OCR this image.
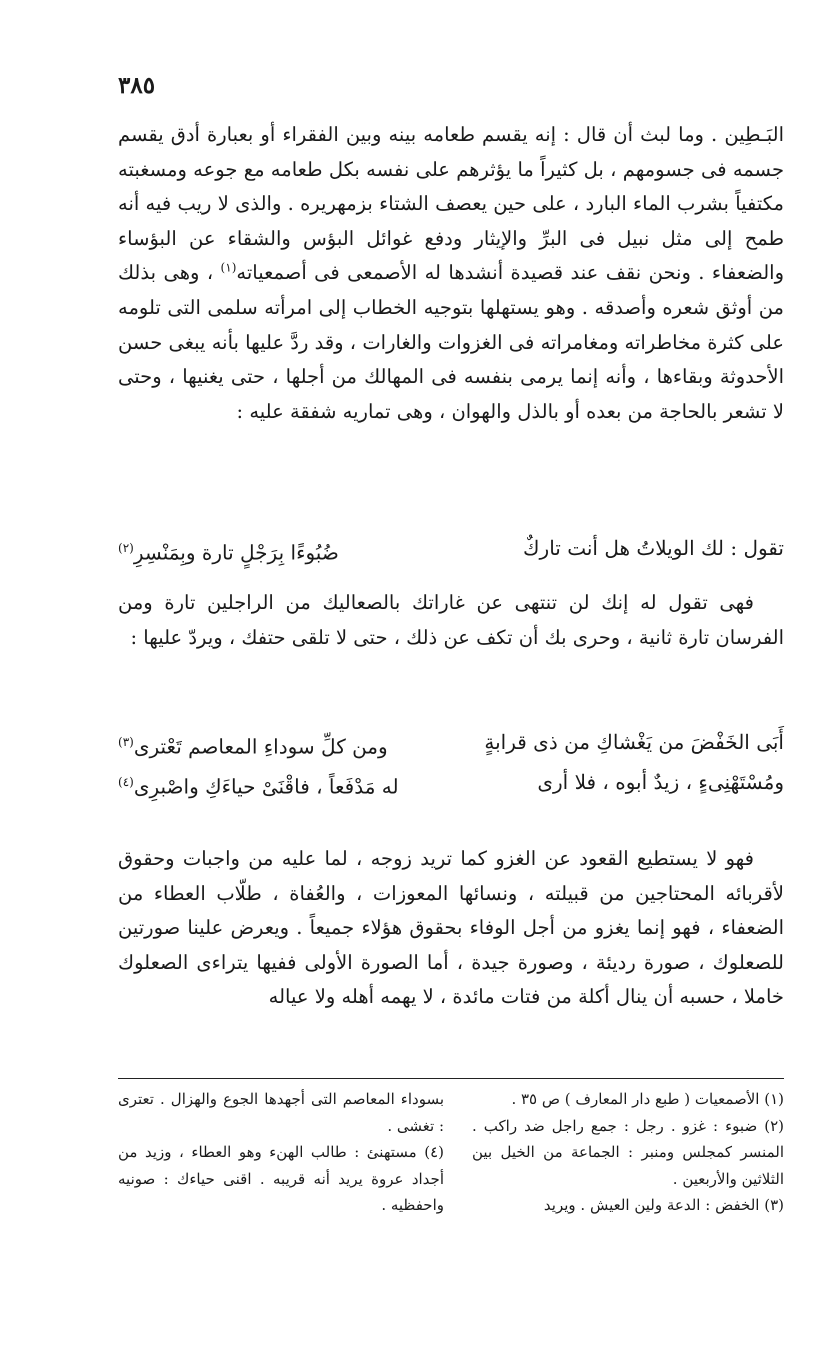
٣٨٥

البَـطِين . وما لبث أن قال : إنه يقسم طعامه بينه وبين الفقراء أو بعبارة أدق يقسم جسمه فى جسومهم ، بل كثيراً ما يؤثرهم على نفسه بكل طعامه مع جوعه ومسغبته مكتفياً بشرب الماء البارد ، على حين يعصف الشتاء بزمهريره . والذى لا ريب فيه أنه طمح إلى مثل نبيل فى البرِّ والإيثار ودفع غوائل البؤس والشقاء عن البؤساء والضعفاء . ونحن نقف عند قصيدة أنشدها له الأصمعى فى أصمعياته$^{(١)}$ ، وهى بذلك من أوثق شعره وأصدقه . وهو يستهلها بتوجيه الخطاب إلى امرأته سلمى التى تلومه على كثرة مخاطراته ومغامراته فى الغزوات والغارات ، وقد ردَّ عليها بأنه يبغى حسن الأحدوثة وبقاءها ، وأنه إنما يرمى بنفسه فى المهالك من أجلها ، حتى يغنيها ، وحتى لا تشعر بالحاجة من بعده أو بالذل والهوان ، وهى تماريه شفقة عليه :

تقول : لك الويلاتُ هل أنت تاركٌ
ضُبُوءًا بِرَجْلٍ تارة وبِمَنْسِرِ$^{(٢)}$

فهى تقول له إنك لن تنتهى عن غاراتك بالصعاليك من الراجلين تارة ومن الفرسان تارة ثانية ، وحرى بك أن تكف عن ذلك ، حتى لا تلقى حتفك ، ويردّ عليها :

أَبَى الخَفْضَ من يَغْشاكِ من ذى قرابةٍ
ومن كلِّ سوداءِ المعاصم تَعْترى$^{(٣)}$
ومُسْتَهْنِىءٍ ، زيدٌ أبوه ، فلا أرى
له مَدْفَعاً ، فاقْنَىْ حياءَكِ واصْبرِى$^{(٤)}$

فهو لا يستطيع القعود عن الغزو كما تريد زوجه ، لما عليه من واجبات وحقوق لأقربائه المحتاجين من قبيلته ، ونسائها المعوزات ، والعُفاة ، طلّاب العطاء من الضعفاء ، فهو إنما يغزو من أجل الوفاء بحقوق هؤلاء جميعاً . ويعرض علينا صورتين للصعلوك ، صورة رديئة ، وصورة جيدة ، أما الصورة الأولى ففيها يتراءى الصعلوك خاملا ، حسبه أن ينال أكلة من فتات مائدة ، لا يهمه أهله ولا عياله

(١) الأصمعيات ( طبع دار المعارف ) ص ٣٥ .

(٢) ضبوء : غزو . رجل : جمع راجل ضد راكب . المنسر كمجلس ومنبر : الجماعة من الخيل بين الثلاثين والأربعين .

(٣) الخفض : الدعة ولين العيش . ويريد

بسوداء المعاصم التى أجهدها الجوع والهزال . تعترى : تغشى .

(٤) مستهنئ : طالب الهنء وهو العطاء ، وزيد من أجداد عروة يريد أنه قريبه . اقنى حياءك : صونيه واحفظيه .
